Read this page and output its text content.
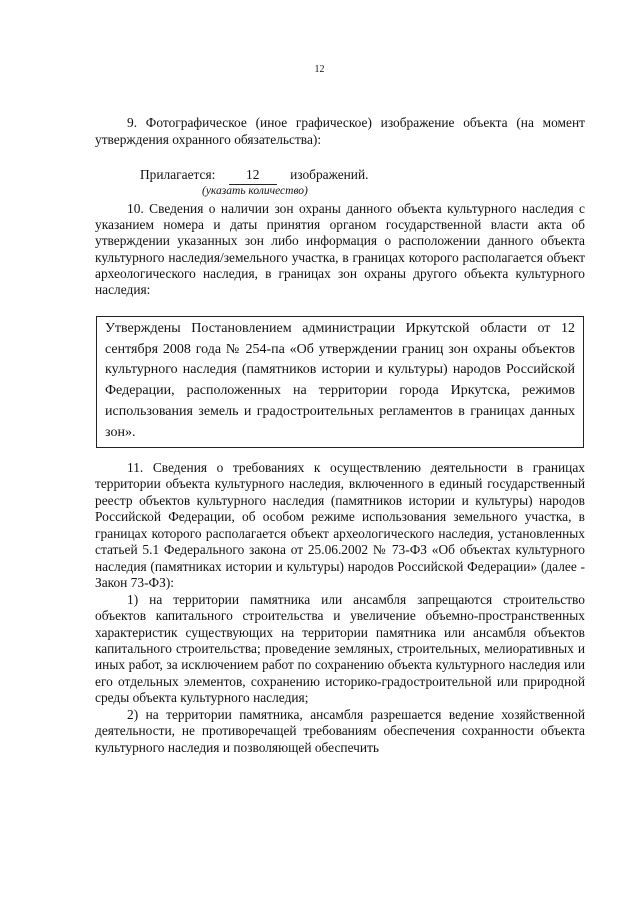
12

9. Фотографическое (иное графическое) изображение объекта (на момент утверждения охранного обязательства):

Прилагается: 12 изображений.
(указать количество)

10. Сведения о наличии зон охраны данного объекта культурного наследия с указанием номера и даты принятия органом государственной власти акта об утверждении указанных зон либо информация о расположении данного объекта культурного наследия/земельного участка, в границах которого располагается объект археологического наследия, в границах зон охраны другого объекта культурного наследия:

Утверждены Постановлением администрации Иркутской области от 12 сентября 2008 года № 254-па «Об утверждении границ зон охраны объектов культурного наследия (памятников истории и культуры) народов Российской Федерации, расположенных на территории города Иркутска, режимов использования земель и градостроительных регламентов в границах данных зон».

11. Сведения о требованиях к осуществлению деятельности в границах территории объекта культурного наследия, включенного в единый государственный реестр объектов культурного наследия (памятников истории и культуры) народов Российской Федерации, об особом режиме использования земельного участка, в границах которого располагается объект археологического наследия, установленных статьей 5.1 Федерального закона от 25.06.2002 № 73-ФЗ «Об объектах культурного наследия (памятниках истории и культуры) народов Российской Федерации» (далее - Закон 73-ФЗ):

1) на территории памятника или ансамбля запрещаются строительство объектов капитального строительства и увеличение объемно-пространственных характеристик существующих на территории памятника или ансамбля объектов капитального строительства; проведение земляных, строительных, мелиоративных и иных работ, за исключением работ по сохранению объекта культурного наследия или его отдельных элементов, сохранению историко-градостроительной или природной среды объекта культурного наследия;

2) на территории памятника, ансамбля разрешается ведение хозяйственной деятельности, не противоречащей требованиям обеспечения сохранности объекта культурного наследия и позволяющей обеспечить
